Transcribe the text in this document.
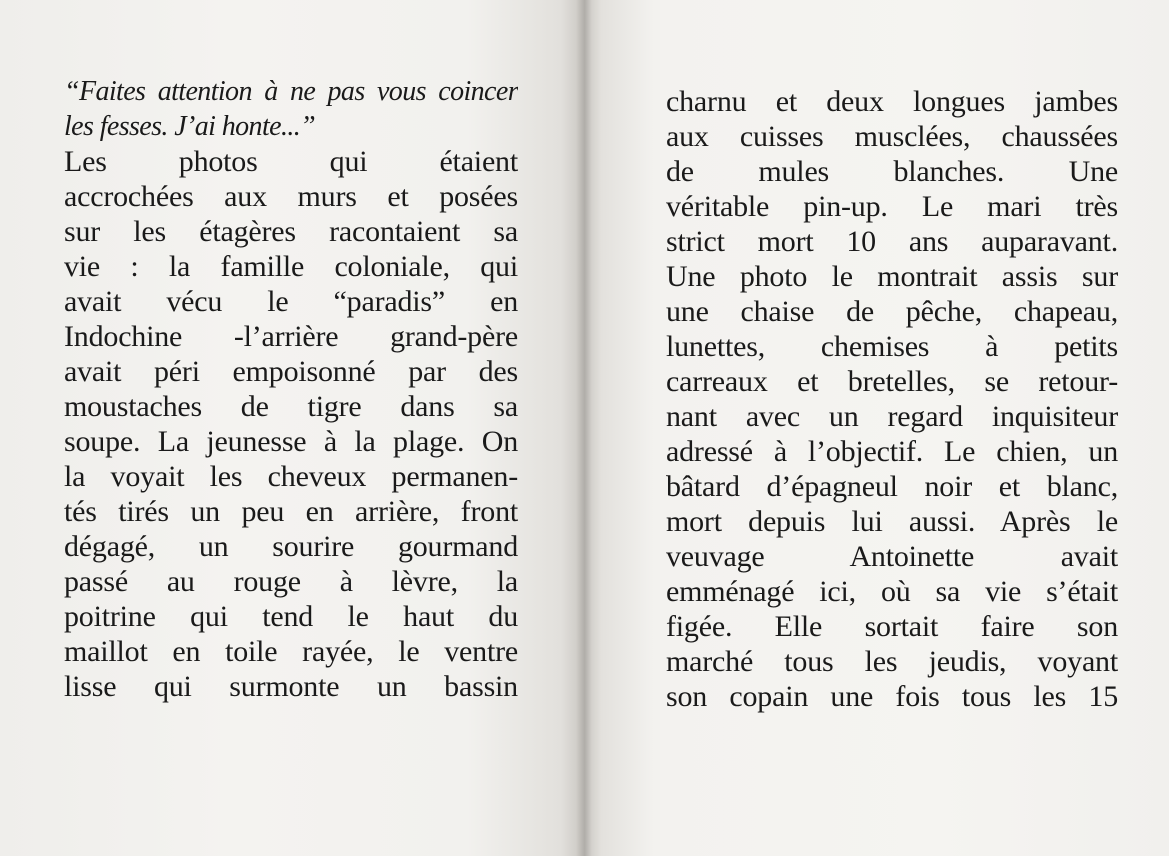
“Faites attention à ne pas vous coincer
les fesses. J’ai honte...”
Les photos qui étaient
accrochées aux murs et posées
sur les étagères racontaient sa
vie : la famille coloniale, qui
avait vécu le “paradis” en
Indochine -l’arrière grand-père
avait péri empoisonné par des
moustaches de tigre dans sa
soupe. La jeunesse à la plage. On
la voyait les cheveux permanen-
tés tirés un peu en arrière, front
dégagé, un sourire gourmand
passé au rouge à lèvre, la
poitrine qui tend le haut du
maillot en toile rayée, le ventre
lisse qui surmonte un bassin
charnu et deux longues jambes
aux cuisses musclées, chaussées
de mules blanches. Une
véritable pin-up. Le mari très
strict mort 10 ans auparavant.
Une photo le montrait assis sur
une chaise de pêche, chapeau,
lunettes, chemises à petits
carreaux et bretelles, se retour-
nant avec un regard inquisiteur
adressé à l’objectif. Le chien, un
bâtard d’épagneul noir et blanc,
mort depuis lui aussi. Après le
veuvage Antoinette avait
emménagé ici, où sa vie s’était
figée. Elle sortait faire son
marché tous les jeudis, voyant
son copain une fois tous les 15
